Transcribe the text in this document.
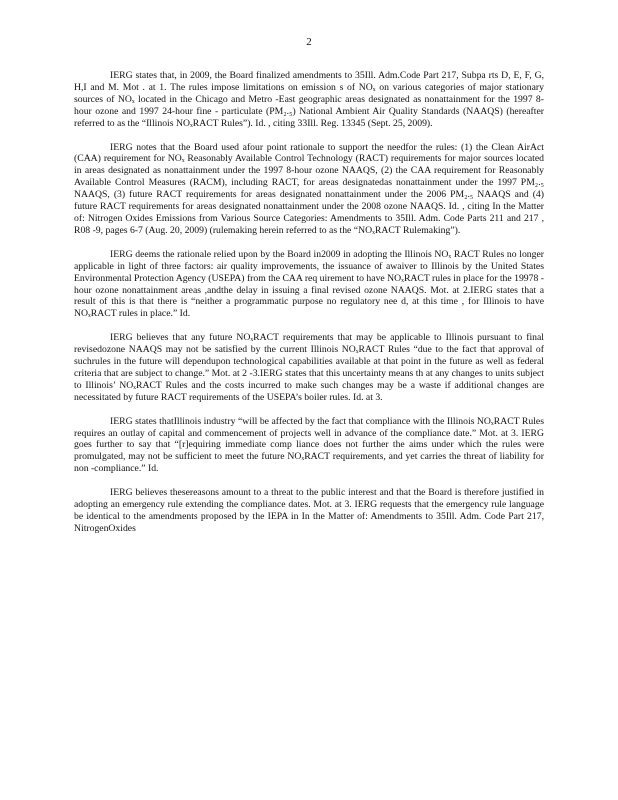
2

IERG states that, in 2009, the Board finalized amendments to 35Ill. Adm.Code Part 217, Subpa rts D, E, F, G, H,I and M. Mot . at 1. The rules impose limitations on emission s of NOₓ on various categories of major stationary sources of NOₓ located in the Chicago and Metro -East geographic areas designated as nonattainment for the 1997 8-hour ozone and 1997 24-hour fine - particulate (PM₂.₅) National Ambient Air Quality Standards (NAAQS) (hereafter referred to as the “Illinois NOₓRACT Rules”). Id. , citing 33Ill. Reg. 13345 (Sept. 25, 2009).

IERG notes that the Board used afour point rationale to support the needfor the rules: (1) the Clean AirAct (CAA) requirement for NOₓ Reasonably Available Control Technology (RACT) requirements for major sources located in areas designated as nonattainment under the 1997 8-hour ozone NAAQS, (2) the CAA requirement for Reasonably Available Control Measures (RACM), including RACT, for areas designatedas nonattainment under the 1997 PM₂.₅ NAAQS, (3) future RACT requirements for areas designated nonattainment under the 2006 PM₂.₅ NAAQS and (4) future RACT requirements for areas designated nonattainment under the 2008 ozone NAAQS. Id. , citing In the Matter of: Nitrogen Oxides Emissions from Various Source Categories: Amendments to 35Ill. Adm. Code Parts 211 and 217 , R08 -9, pages 6-7 (Aug. 20, 2009) (rulemaking herein referred to as the “NOₓRACT Rulemaking”).

IERG deems the rationale relied upon by the Board in2009 in adopting the Illinois NOₓ RACT Rules no longer applicable in light of three factors: air quality improvements, the issuance of awaiver to Illinois by the United States Environmental Protection Agency (USEPA) from the CAA req uirement to have NOₓRACT rules in place for the 19978 - hour ozone nonattainment areas ,andthe delay in issuing a final revised ozone NAAQS. Mot. at 2.IERG states that a result of this is that there is “neither a programmatic purpose no regulatory nee d, at this time , for Illinois to have NOₓRACT rules in place.” Id.

IERG believes that any future NOₓRACT requirements that may be applicable to Illinois pursuant to final revisedozone NAAQS may not be satisfied by the current Illinois NOₓRACT Rules “due to the fact that approval of suchrules in the future will dependupon technological capabilities available at that point in the future as well as federal criteria that are subject to change.” Mot. at 2 -3.IERG states that this uncertainty means th at any changes to units subject to Illinois’ NOₓRACT Rules and the costs incurred to make such changes may be a waste if additional changes are necessitated by future RACT requirements of the USEPA’s boiler rules. Id. at 3.

IERG states thatIllinois industry “will be affected by the fact that compliance with the Illinois NOₓRACT Rules requires an outlay of capital and commencement of projects well in advance of the compliance date.” Mot. at 3. IERG goes further to say that “[r]equiring immediate comp liance does not further the aims under which the rules were promulgated, may not be sufficient to meet the future NOₓRACT requirements, and yet carries the threat of liability for non -compliance.” Id.

IERG believes thesereasons amount to a threat to the public interest and that the Board is therefore justified in adopting an emergency rule extending the compliance dates. Mot. at 3. IERG requests that the emergency rule language be identical to the amendments proposed by the IEPA in In the Matter of: Amendments to 35Ill. Adm. Code Part 217, NitrogenOxides
